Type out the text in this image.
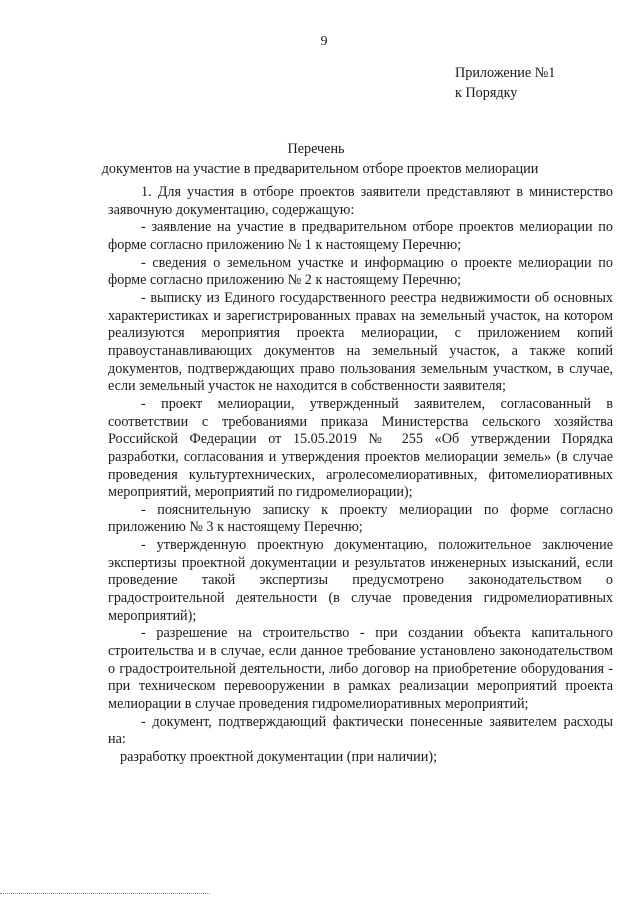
9
Приложение №1
к Порядку
Перечень
документов на участие в предварительном отборе проектов мелиорации

1. Для участия в отборе проектов заявители представляют в министерство заявочную документацию, содержащую:

- заявление на участие в предварительном отборе проектов мелиорации по форме согласно приложению № 1 к настоящему Перечню;

- сведения о земельном участке и информацию о проекте мелиорации по форме согласно приложению № 2 к настоящему Перечню;

- выписку из Единого государственного реестра недвижимости об основных характеристиках и зарегистрированных правах на земельный участок, на котором реализуются мероприятия проекта мелиорации, с приложением копий правоустанавливающих документов на земельный участок, а также копий документов, подтверждающих право пользования земельным участком, в случае, если земельный участок не находится в собственности заявителя;

- проект мелиорации, утвержденный заявителем, согласованный в соответствии с требованиями приказа Министерства сельского хозяйства Российской Федерации от 15.05.2019 № 255 «Об утверждении Порядка разработки, согласования и утверждения проектов мелиорации земель» (в случае проведения культуртехнических, агролесомелиоративных, фитомелиоративных мероприятий, мероприятий по гидромелиорации);

- пояснительную записку к проекту мелиорации по форме согласно приложению № 3 к настоящему Перечню;

- утвержденную проектную документацию, положительное заключение экспертизы проектной документации и результатов инженерных изысканий, если проведение такой экспертизы предусмотрено законодательством о градостроительной деятельности (в случае проведения гидромелиоративных мероприятий);

- разрешение на строительство - при создании объекта капитального строительства и в случае, если данное требование установлено законодательством о градостроительной деятельности, либо договор на приобретение оборудования - при техническом перевооружении в рамках реализации мероприятий проекта мелиорации в случае проведения гидромелиоративных мероприятий;

- документ, подтверждающий фактически понесенные заявителем расходы на:

разработку проектной документации (при наличии);
